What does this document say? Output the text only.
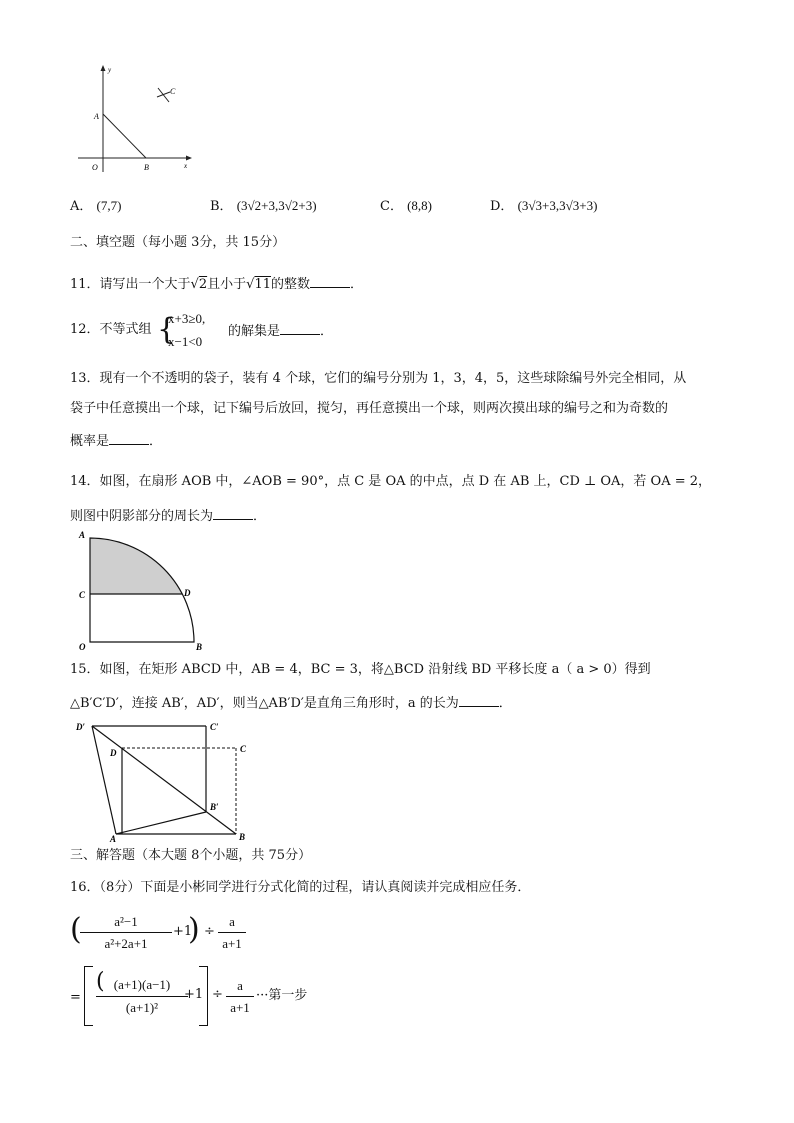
y
x
O
A
B
C
A． (7,7)	B． (3√2+3,3√2+3)	C． (8,8)	D． (3√3+3,3√3+3)
二、填空题（每小题 3分，共 15分）
11．请写出一个大于√2且小于√11的整数	．
12．不等式组 {
x+3≥0,
x−1<0
的解集是	．
13．现有一个不透明的袋子，装有 4 个球，它们的编号分别为 1，3，4，5，这些球除编号外完全相同，从
袋子中任意摸出一个球，记下编号后放回，搅匀，再任意摸出一个球，则两次摸出球的编号之和为奇数的
概率是	．
14．如图，在扇形 AOB 中，∠AOB = 90°，点 C 是 OA 的中点，点 D 在 AB 上，CD ⊥ OA，若 OA = 2，
则图中阴影部分的周长为	．
A
C
O
D
B
15．如图，在矩形 ABCD 中，AB = 4，BC = 3，将△BCD 沿射线 BD 平移长度 a（ a > 0）得到
△B′C′D′，连接 AB′，AD′，则当△AB′D′是直角三角形时，a 的长为	．
D′	C′
D	C
B′
A	B
三、解答题（本大题 8个小题，共 75分）
16．（8分）下面是小彬同学进行分式化简的过程，请认真阅读并完成相应任务．
(	a²−1
a²+2a+1
+1
) ÷
a
a+1
=
( (a+1)(a−1)
(a+1)²
+1 ÷
a
a+1
···第一步
